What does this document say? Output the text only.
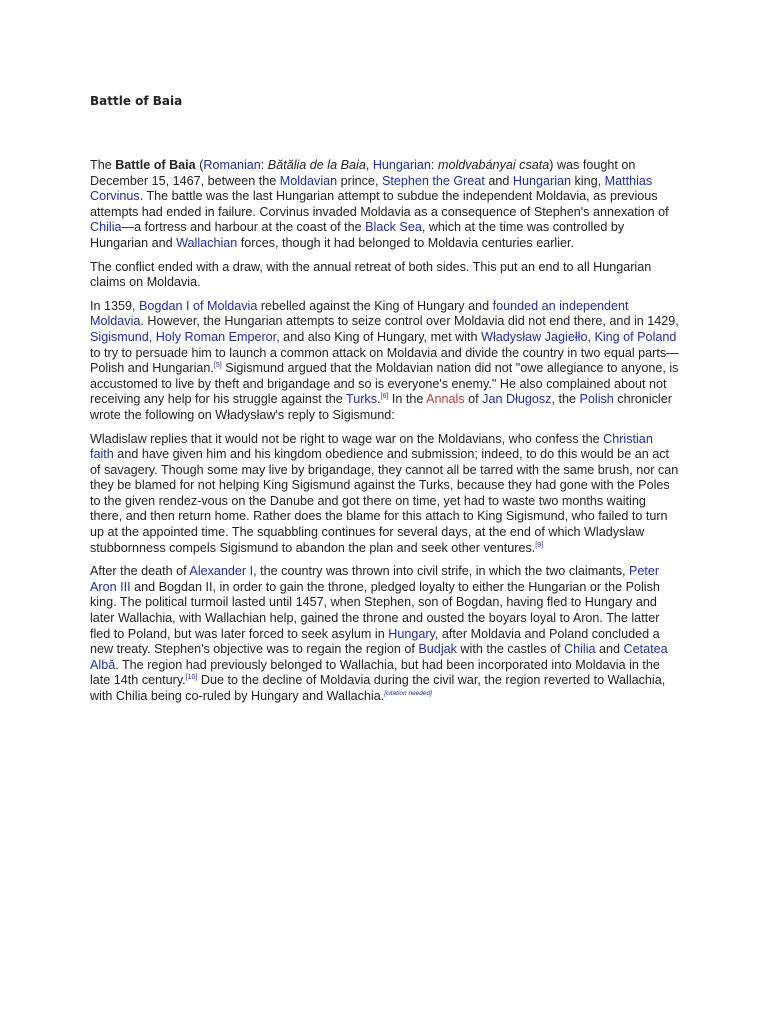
Battle of Baia

The Battle of Baia (Romanian: Bătălia de la Baia, Hungarian: moldvabányai csata) was fought on December 15, 1467, between the Moldavian prince, Stephen the Great and Hungarian king, Matthias Corvinus. The battle was the last Hungarian attempt to subdue the independent Moldavia, as previous attempts had ended in failure. Corvinus invaded Moldavia as a consequence of Stephen's annexation of Chilia—a fortress and harbour at the coast of the Black Sea, which at the time was controlled by Hungarian and Wallachian forces, though it had belonged to Moldavia centuries earlier.

The conflict ended with a draw, with the annual retreat of both sides. This put an end to all Hungarian claims on Moldavia.

In 1359, Bogdan I of Moldavia rebelled against the King of Hungary and founded an independent Moldavia. However, the Hungarian attempts to seize control over Moldavia did not end there, and in 1429, Sigismund, Holy Roman Emperor, and also King of Hungary, met with Władysław Jagiełło, King of Poland to try to persuade him to launch a common attack on Moldavia and divide the country in two equal parts—Polish and Hungarian.[5] Sigismund argued that the Moldavian nation did not "owe allegiance to anyone, is accustomed to live by theft and brigandage and so is everyone's enemy." He also complained about not receiving any help for his struggle against the Turks.[6] In the Annals of Jan Długosz, the Polish chronicler wrote the following on Władysław's reply to Sigismund:

Wladislaw replies that it would not be right to wage war on the Moldavians, who confess the Christian faith and have given him and his kingdom obedience and submission; indeed, to do this would be an act of savagery. Though some may live by brigandage, they cannot all be tarred with the same brush, nor can they be blamed for not helping King Sigismund against the Turks, because they had gone with the Poles to the given rendez-vous on the Danube and got there on time, yet had to waste two months waiting there, and then return home. Rather does the blame for this attach to King Sigismund, who failed to turn up at the appointed time. The squabbling continues for several days, at the end of which Wladyslaw stubbornness compels Sigismund to abandon the plan and seek other ventures.[9]

After the death of Alexander I, the country was thrown into civil strife, in which the two claimants, Peter Aron III and Bogdan II, in order to gain the throne, pledged loyalty to either the Hungarian or the Polish king. The political turmoil lasted until 1457, when Stephen, son of Bogdan, having fled to Hungary and later Wallachia, with Wallachian help, gained the throne and ousted the boyars loyal to Aron. The latter fled to Poland, but was later forced to seek asylum in Hungary, after Moldavia and Poland concluded a new treaty. Stephen's objective was to regain the region of Budjak with the castles of Chilia and Cetatea Albă. The region had previously belonged to Wallachia, but had been incorporated into Moldavia in the late 14th century.[10] Due to the decline of Moldavia during the civil war, the region reverted to Wallachia, with Chilia being co-ruled by Hungary and Wallachia.[citation needed]
